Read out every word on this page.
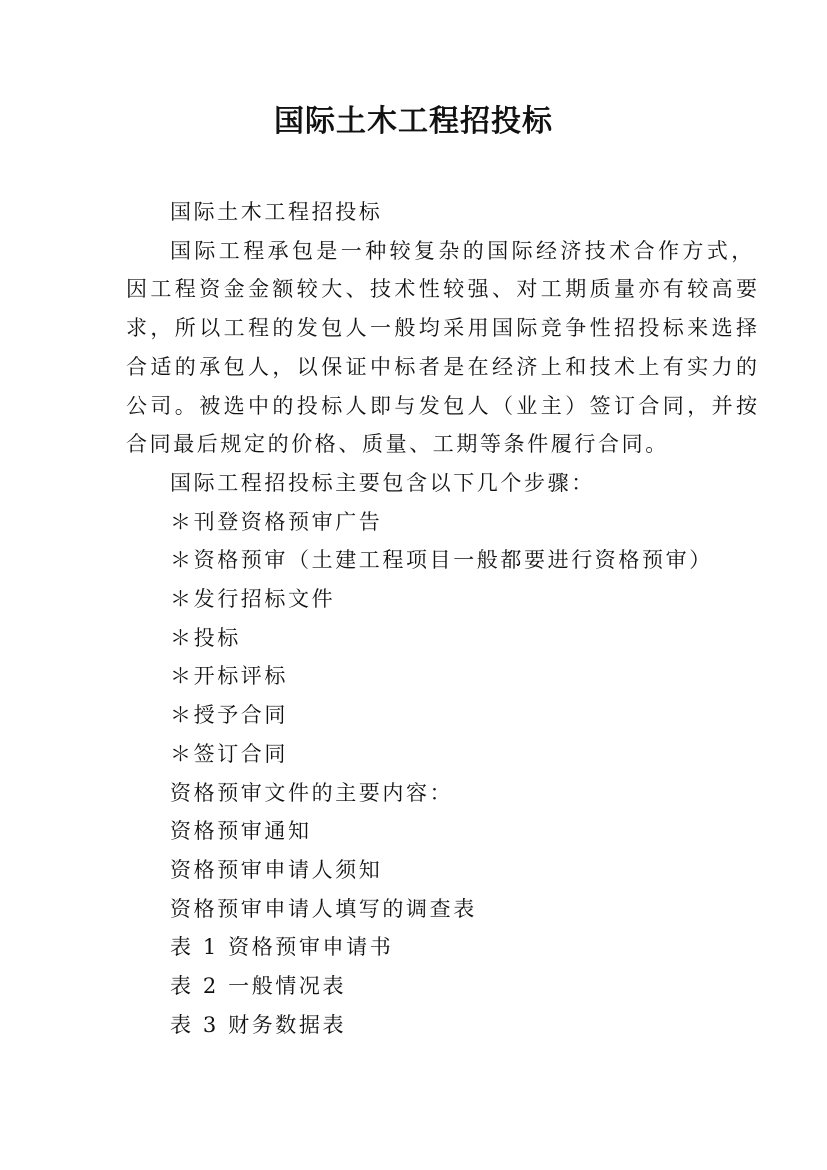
国际土木工程招投标
国际土木工程招投标
国际工程承包是一种较复杂的国际经济技术合作方式，
因工程资金金额较大、技术性较强、对工期质量亦有较高要
求，所以工程的发包人一般均采用国际竞争性招投标来选择
合适的承包人，以保证中标者是在经济上和技术上有实力的
公司。被选中的投标人即与发包人（业主）签订合同，并按
合同最后规定的价格、质量、工期等条件履行合同。
国际工程招投标主要包含以下几个步骤：
＊刊登资格预审广告
＊资格预审（土建工程项目一般都要进行资格预审）
＊发行招标文件
＊投标
＊开标评标
＊授予合同
＊签订合同
资格预审文件的主要内容：
资格预审通知
资格预审申请人须知
资格预审申请人填写的调查表
表 1 资格预审申请书
表 2 一般情况表
表 3 财务数据表
